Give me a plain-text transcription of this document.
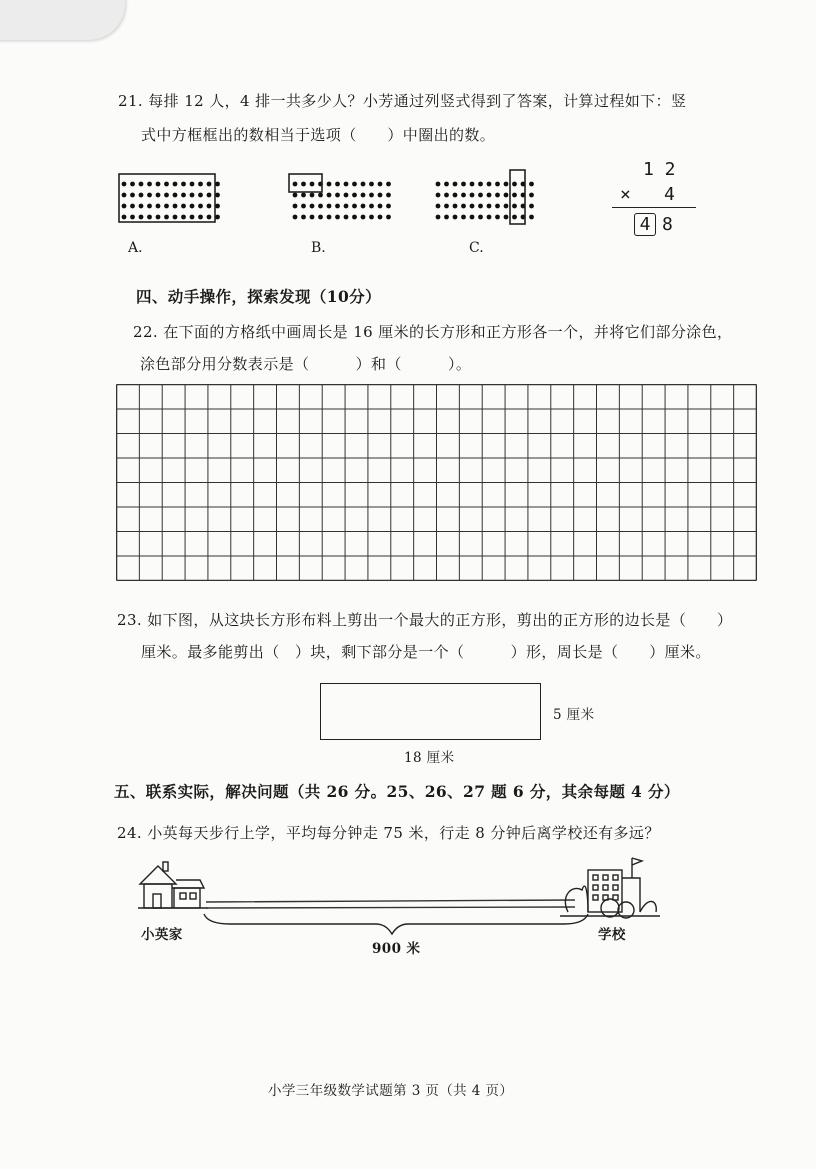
21. 每排 12 人，4 排一共多少人？小芳通过列竖式得到了答案，计算过程如下：竖
式中方框框出的数相当于选项（　　）中圈出的数。
A.	B.	C.
1 2
× 4
4 8
四、动手操作，探索发现（10分）
22. 在下面的方格纸中画周长是 16 厘米的长方形和正方形各一个，并将它们部分涂色，
涂色部分用分数表示是（　　　）和（　　　）。
23. 如下图，从这块长方形布料上剪出一个最大的正方形，剪出的正方形的边长是（　　）
厘米。最多能剪出（　）块，剩下部分是一个（　　　）形，周长是（　　）厘米。
5 厘米
18 厘米
五、联系实际，解决问题（共 26 分。25、26、27 题 6 分，其余每题 4 分）
24. 小英每天步行上学，平均每分钟走 75 米，行走 8 分钟后离学校还有多远？
小英家	学校
900 米
小学三年级数学试题第 3 页（共 4 页）
